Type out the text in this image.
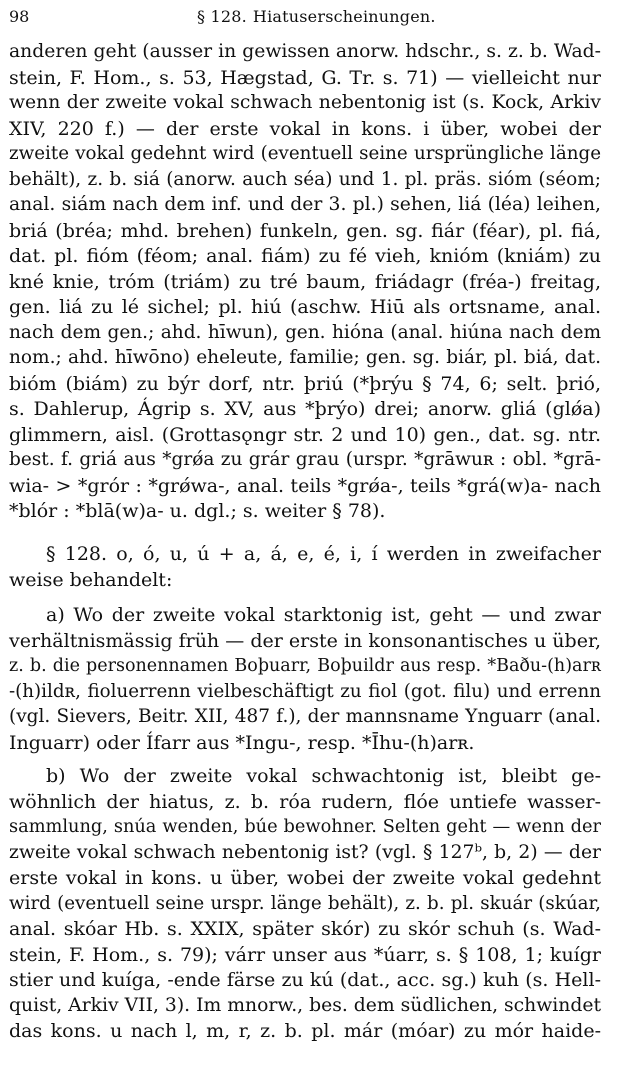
98	§ 128. Hiatuserscheinungen.
anderen geht (ausser in gewissen anorw. hdschr., s. z. b. Wad-
stein, F. Hom., s. 53, Hægstad, G. Tr. s. 71) — vielleicht nur
wenn der zweite vokal schwach nebentonig ist (s. Kock, Arkiv
XIV, 220 f.) — der erste vokal in kons. i über, wobei der
zweite vokal gedehnt wird (eventuell seine ursprüngliche länge
behält), z. b. siá (anorw. auch séa) und 1. pl. präs. sióm (séom;
anal. siám nach dem inf. und der 3. pl.) sehen, liá (léa) leihen,
briá (bréa; mhd. brehen) funkeln, gen. sg. fiár (féar), pl. fiá,
dat. pl. fióm (féom; anal. fiám) zu fé vieh, knióm (kniám) zu
kné knie, tróm (triám) zu tré baum, friádagr (fréa-) freitag,
gen. liá zu lé sichel; pl. hiú (aschw. Hiū als ortsname, anal.
nach dem gen.; ahd. hīwun), gen. hióna (anal. hiúna nach dem
nom.; ahd. hīwōno) eheleute, familie; gen. sg. biár, pl. biá, dat.
bióm (biám) zu býr dorf, ntr. þriú (*þrýu § 74, 6; selt. þrió,
s. Dahlerup, Ágrip s. XV, aus *þrýo) drei; anorw. gliá (glǿa)
glimmern, aisl. (Grottasǫngr str. 2 und 10) gen., dat. sg. ntr.
best. f. griá aus *grǿa zu grár grau (urspr. *grāwuʀ : obl. *grā-
wia- > *grór : *grǿwa-, anal. teils *grǿa-, teils *grá(w)a- nach
*blór : *blā(w)a- u. dgl.; s. weiter § 78).
§ 128. o, ó, u, ú + a, á, e, é, i, í werden in zweifacher
weise behandelt:
a) Wo der zweite vokal starktonig ist, geht — und zwar
verhältnismässig früh — der erste in konsonantisches u über,
z. b. die personennamen Boþuarr, Boþuildr aus resp. *Baðu-(h)arʀ
-(h)ildʀ, fioluerrenn vielbeschäftigt zu fiol (got. filu) und errenn
(vgl. Sievers, Beitr. XII, 487 f.), der mannsname Ynguarr (anal.
Inguarr) oder Ífarr aus *Ingu-, resp. *Īhu-(h)arʀ.
b) Wo der zweite vokal schwachtonig ist, bleibt ge-
wöhnlich der hiatus, z. b. róa rudern, flóe untiefe wasser-
sammlung, snúa wenden, búe bewohner. Selten geht — wenn der
zweite vokal schwach nebentonig ist? (vgl. § 127ᵇ, b, 2) — der
erste vokal in kons. u über, wobei der zweite vokal gedehnt
wird (eventuell seine urspr. länge behält), z. b. pl. skuár (skúar,
anal. skóar Hb. s. XXIX, später skór) zu skór schuh (s. Wad-
stein, F. Hom., s. 79); várr unser aus *úarr, s. § 108, 1; kuígr
stier und kuíga, -ende färse zu kú (dat., acc. sg.) kuh (s. Hell-
quist, Arkiv VII, 3). Im mnorw., bes. dem südlichen, schwindet
das kons. u nach l, m, r, z. b. pl. már (móar) zu mór haide-
